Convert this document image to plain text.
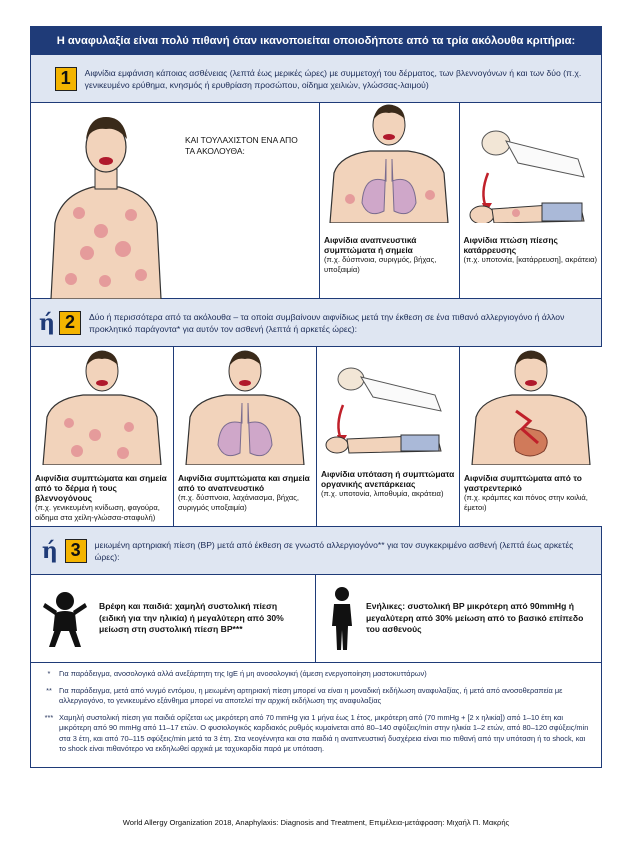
Η αναφυλαξία είναι πολύ πιθανή όταν ικανοποιείται οποιοδήποτε από τα τρία ακόλουθα κριτήρια:
1	Αιφνίδια εμφάνιση κάποιας ασθένειας (λεπτά έως μερικές ώρες) με συμμετοχή του δέρματος, των βλεννογόνων ή και των δύο (π.χ. γενικευμένο ερύθημα, κνησμός ή ερυθρίαση προσώπου, οίδημα χειλιών, γλώσσας-λαιμού)
ΚΑΙ ΤΟΥΛΑΧΙΣΤΟΝ ΕΝΑ ΑΠΟ ΤΑ ΑΚΟΛΟΥΘΑ:
Αιφνίδια αναπνευστικά συμπτώματα ή σημεία
(π.χ. δύσπνοια, συριγμός, βήχας, υποξαιμία)
Αιφνίδια πτώση πίεσης κατάρρευσης
(π.χ. υποτονία, [κατάρρευση], ακράτεια)
ή 2	Δύο ή περισσότερα από τα ακόλουθα – τα οποία συμβαίνουν αιφνίδιως μετά την έκθεση σε ένα πιθανό αλλεργιογόνο ή άλλον προκλητικό παράγοντα* για αυτόν τον ασθενή (λεπτά ή αρκετές ώρες):
Αιφνίδια συμπτώματα και σημεία από το δέρμα ή τους βλεννογόνους
(π.χ. γενικευμένη κνίδωση, φαγούρα, οίδημα στα χείλη-γλώσσα-σταφυλή)
Αιφνίδια συμπτώματα και σημεία από το αναπνευστικό
(π.χ. δύσπνοια, λαχάνιασμα, βήχας, συριγμός υποξαιμία)
Αιφνίδια υπόταση ή συμπτώματα οργανικής ανεπάρκειας
(π.χ. υποτονία, λιποθυμία, ακράτεια)
Αιφνίδια συμπτώματα από το γαστρεντερικό
(π.χ. κράμπες και πόνος στην κοιλιά, έμετοι)
ή 3	μειωμένη αρτηριακή πίεση (ΒΡ) μετά από έκθεση σε γνωστό αλλεργιογόνο** για τον συγκεκριμένο ασθενή (λεπτά έως αρκετές ώρες):
Βρέφη και παιδιά: χαμηλή συστολική πίεση (ειδική για την ηλικία) ή μεγαλύτερη από 30% μείωση στη συστολική πίεση BP***
Ενήλικες: συστολική BP μικρότερη από 90mmHg ή μεγαλύτερη από 30% μείωση από το βασικό επίπεδο του ασθενούς
*	Για παράδειγμα, ανοσολογικά αλλά ανεξάρτητη της IgE ή μη ανοσολογική (άμεση ενεργοποίηση μαστοκυττάρων)
** Για παράδειγμα, μετά από νυγμό εντόμου, η μειωμένη αρτηριακή πίεση μπορεί να είναι η μοναδική εκδήλωση αναφυλαξίας, ή μετά από ανοσοθεραπεία με αλλεργιογόνο, το γενικευμένο εξάνθημα μπορεί να αποτελεί την αρχική εκδήλωση της αναφυλαξίας
*** Χαμηλή συστολική πίεση για παιδιά ορίζεται ως μικρότερη από 70 mmHg για 1 μήνα έως 1 έτος, μικρότερη από (70 mmHg + [2 x ηλικία]) από 1–10 έτη και μικρότερη από 90 mmHg από 11–17 ετών. Ο φυσιολογικός καρδιακός ρυθμός κυμαίνεται από 80–140 σφύξεις/min στην ηλικία 1–2 ετών, από 80–120 σφύξεις/min στα 3 έτη, και από 70–115 σφύξεις/min μετά τα 3 έτη. Στα νεογέννητα και στα παιδιά η αναπνευστική δυσχέρεια είναι πιο πιθανή από την υπόταση ή το shock, και το shock είναι πιθανότερο να εκδηλωθεί αρχικά με ταχυκαρδία παρά με υπόταση.
World Allergy Organization 2018, Anaphylaxis: Diagnosis and Treatment, Επιμέλεια-μετάφραση: Μιχαήλ Π. Μακρής
